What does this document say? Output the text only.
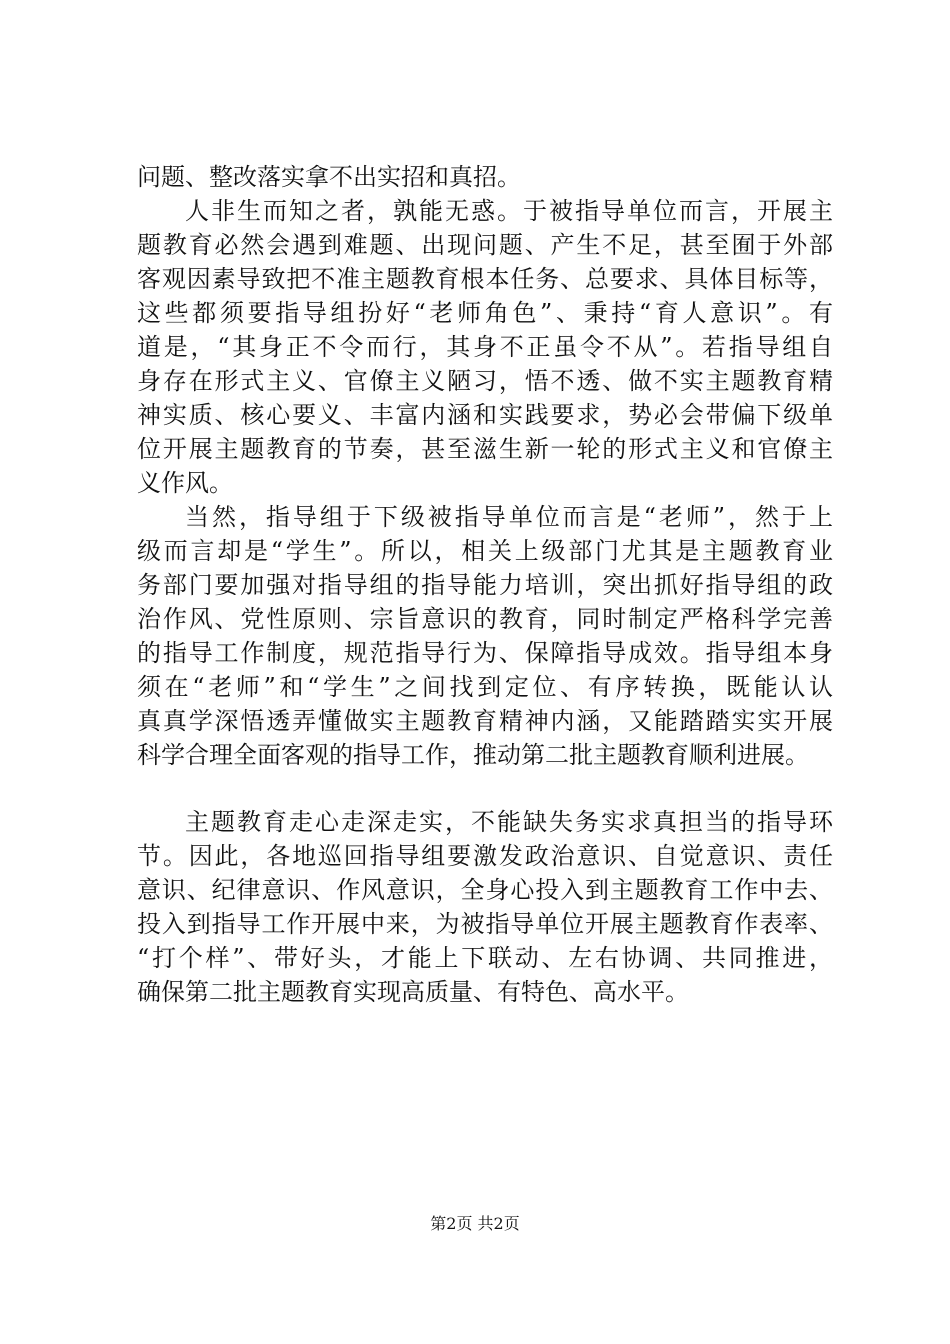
问题、整改落实拿不出实招和真招。
人非生而知之者，孰能无惑。于被指导单位而言，开展主
题教育必然会遇到难题、出现问题、产生不足，甚至囿于外部
客观因素导致把不准主题教育根本任务、总要求、具体目标等，
这些都须要指导组扮好“老师角色”、秉持“育人意识”。有
道是，“其身正不令而行，其身不正虽令不从”。若指导组自
身存在形式主义、官僚主义陋习，悟不透、做不实主题教育精
神实质、核心要义、丰富内涵和实践要求，势必会带偏下级单
位开展主题教育的节奏，甚至滋生新一轮的形式主义和官僚主
义作风。
当然，指导组于下级被指导单位而言是“老师”，然于上
级而言却是“学生”。所以，相关上级部门尤其是主题教育业
务部门要加强对指导组的指导能力培训，突出抓好指导组的政
治作风、党性原则、宗旨意识的教育，同时制定严格科学完善
的指导工作制度，规范指导行为、保障指导成效。指导组本身
须在“老师”和“学生”之间找到定位、有序转换，既能认认
真真学深悟透弄懂做实主题教育精神内涵，又能踏踏实实开展
科学合理全面客观的指导工作，推动第二批主题教育顺利进展。
主题教育走心走深走实，不能缺失务实求真担当的指导环
节。因此，各地巡回指导组要激发政治意识、自觉意识、责任
意识、纪律意识、作风意识，全身心投入到主题教育工作中去、
投入到指导工作开展中来，为被指导单位开展主题教育作表率、
“打个样”、带好头，才能上下联动、左右协调、共同推进，
确保第二批主题教育实现高质量、有特色、高水平。
第2页 共2页
